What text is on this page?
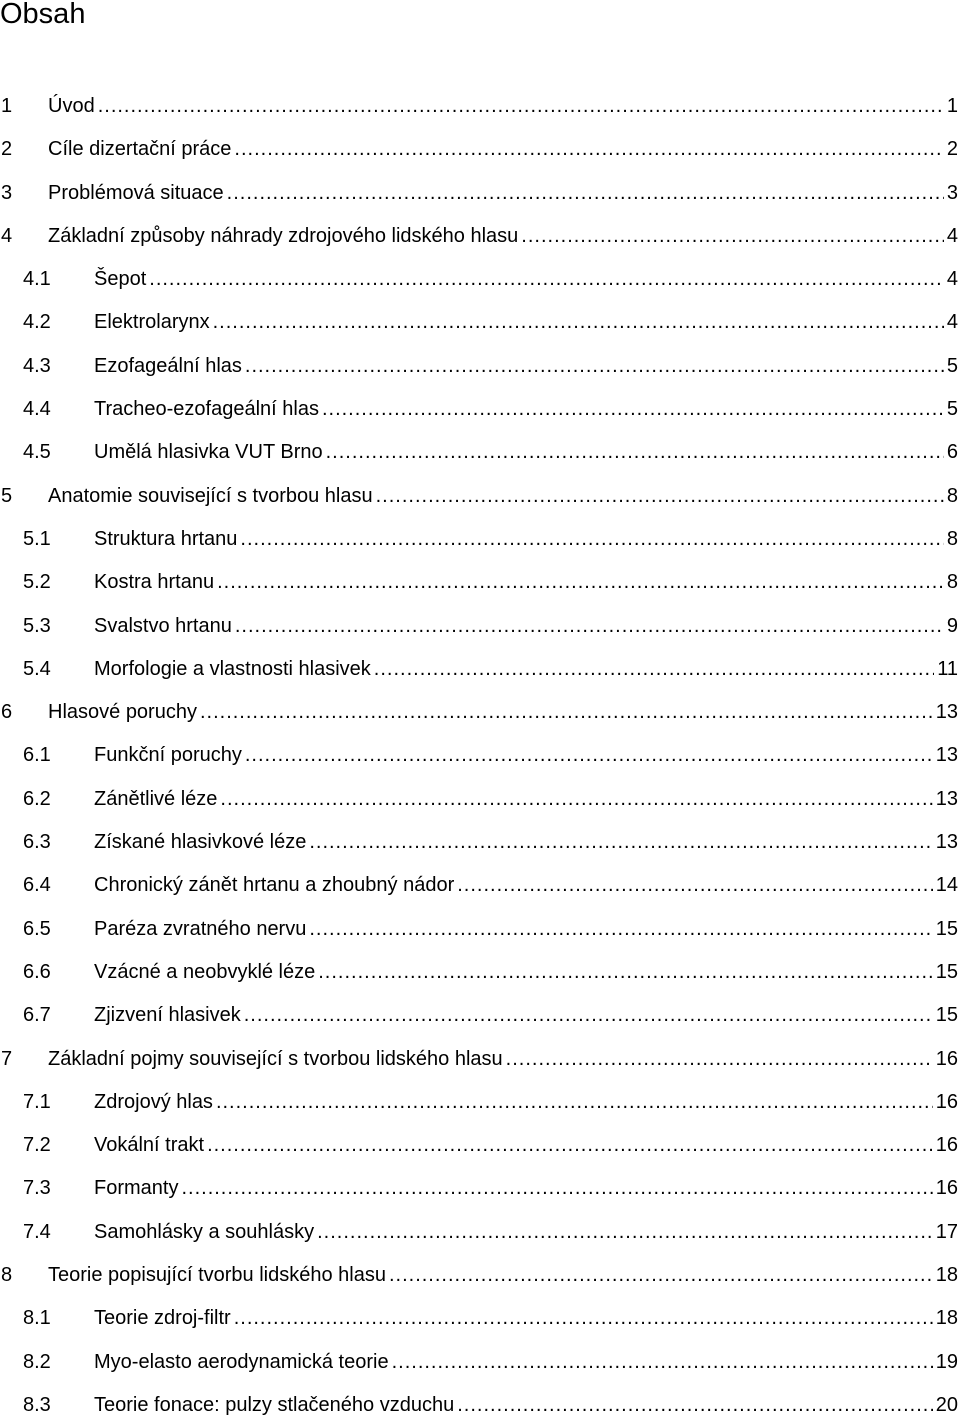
Obsah
1	Úvod .....	1
2	Cíle dizertační práce .....	2
3	Problémová situace .....	3
4	Základní způsoby náhrady zdrojového lidského hlasu .....	4
4.1	Šepot .....	4
4.2	Elektrolarynx .....	4
4.3	Ezofageální hlas .....	5
4.4	Tracheo-ezofageální hlas .....	5
4.5	Umělá hlasivka VUT Brno .....	6
5	Anatomie související s tvorbou hlasu .....	8
5.1	Struktura hrtanu .....	8
5.2	Kostra hrtanu .....	8
5.3	Svalstvo hrtanu .....	9
5.4	Morfologie a vlastnosti hlasivek .....	11
6	Hlasové poruchy .....	13
6.1	Funkční poruchy .....	13
6.2	Zánětlivé léze .....	13
6.3	Získané hlasivkové léze .....	13
6.4	Chronický zánět hrtanu a zhoubný nádor .....	14
6.5	Paréza zvratného nervu .....	15
6.6	Vzácné a neobvyklé léze .....	15
6.7	Zjizvení hlasivek .....	15
7	Základní pojmy související s tvorbou lidského hlasu .....	16
7.1	Zdrojový hlas .....	16
7.2	Vokální trakt .....	16
7.3	Formanty .....	16
7.4	Samohlásky a souhlásky .....	17
8	Teorie popisující tvorbu lidského hlasu .....	18
8.1	Teorie zdroj-filtr .....	18
8.2	Myo-elasto aerodynamická teorie .....	19
8.3	Teorie fonace: pulzy stlačeného vzduchu .....	20
